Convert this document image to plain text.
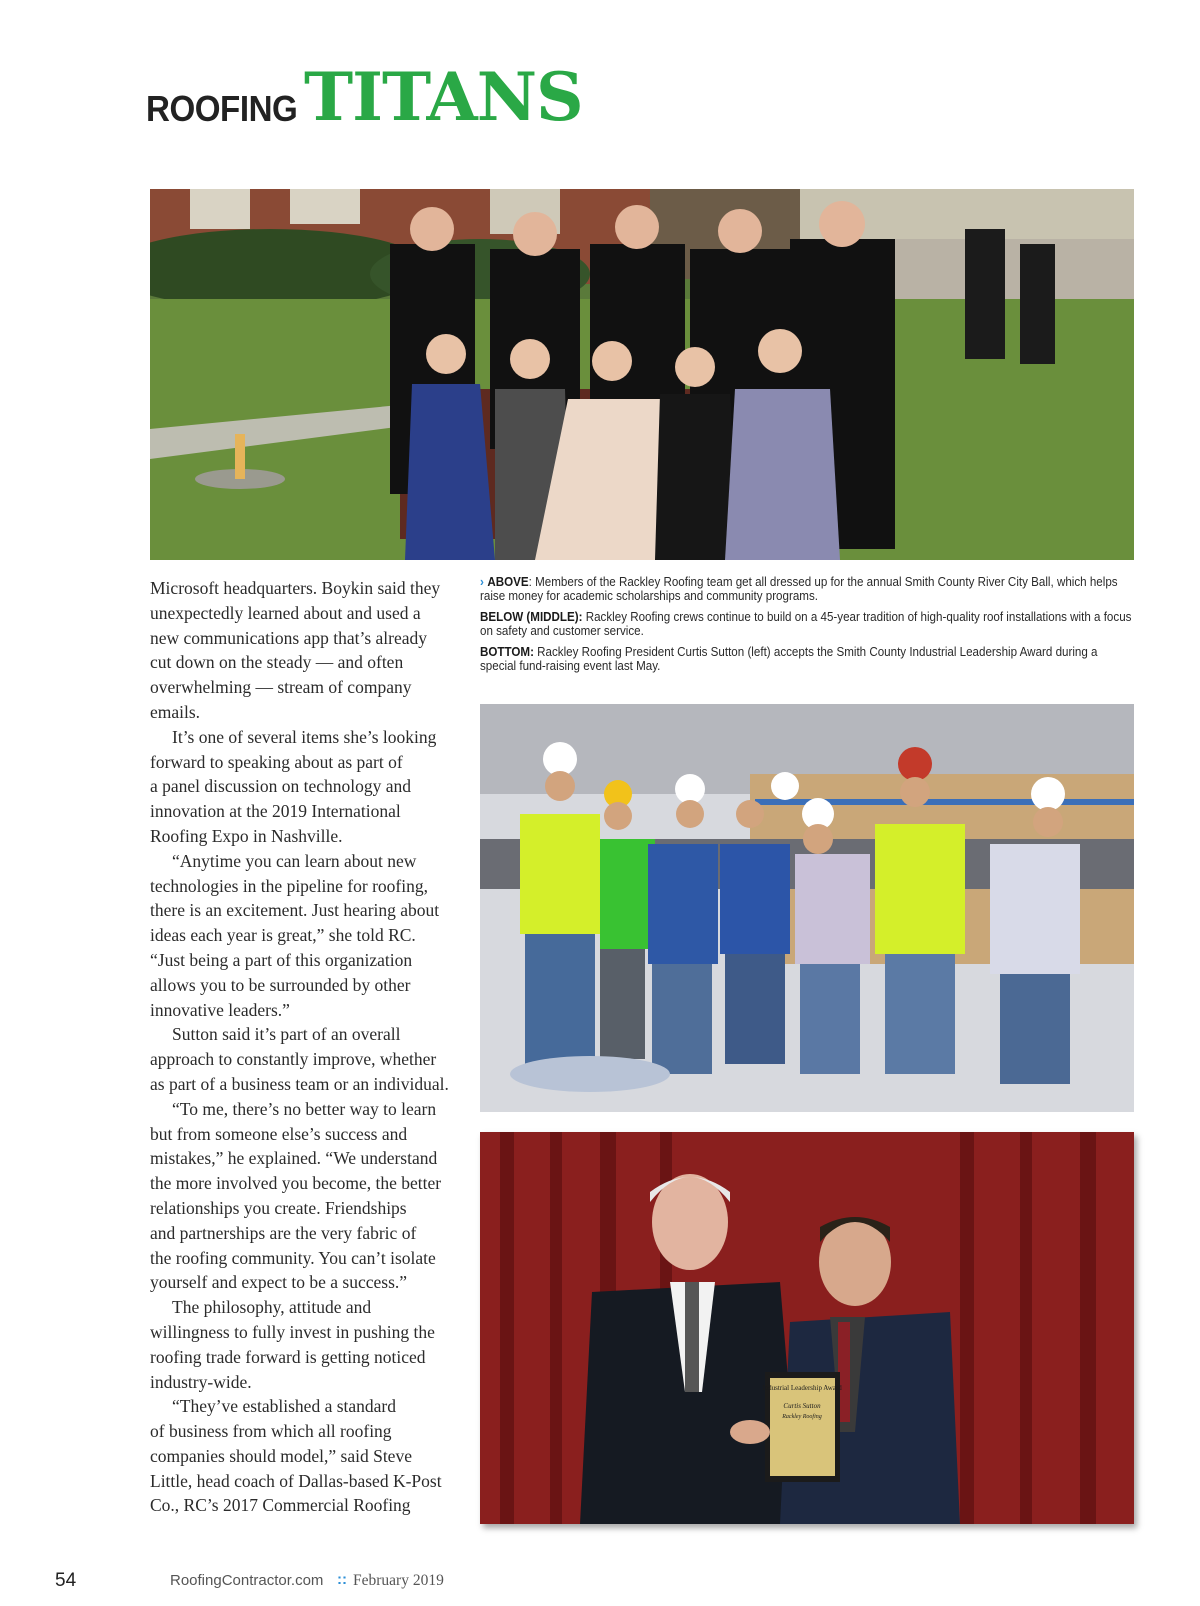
ROOFING TITANS

› ABOVE: Members of the Rackley Roofing team get all dressed up for the annual Smith County River City Ball, which helps raise money for academic scholarships and community programs.

BELOW (MIDDLE): Rackley Roofing crews continue to build on a 45-year tradition of high-quality roof installations with a focus on safety and customer service.

BOTTOM: Rackley Roofing President Curtis Sutton (left) accepts the Smith County Industrial Leadership Award during a special fund-raising event last May.

Industrial Leadership Award
Curtis Sutton
Rackley Roofing
Microsoft headquarters. Boykin said they
unexpectedly learned about and used a
new communications app that’s already
cut down on the steady — and often
overwhelming — stream of company
emails.
It’s one of several items she’s looking
forward to speaking about as part of
a panel discussion on technology and
innovation at the 2019 International
Roofing Expo in Nashville.
“Anytime you can learn about new
technologies in the pipeline for roofing,
there is an excitement. Just hearing about
ideas each year is great,” she told RC.
“Just being a part of this organization
allows you to be surrounded by other
innovative leaders.”
Sutton said it’s part of an overall
approach to constantly improve, whether
as part of a business team or an individual.
“To me, there’s no better way to learn
but from someone else’s success and
mistakes,” he explained. “We understand
the more involved you become, the better
relationships you create. Friendships
and partnerships are the very fabric of
the roofing community. You can’t isolate
yourself and expect to be a success.”
The philosophy, attitude and
willingness to fully invest in pushing the
roofing trade forward is getting noticed
industry-wide.
“They’ve established a standard
of business from which all roofing
companies should model,” said Steve
Little, head coach of Dallas-based K-Post
Co., RC’s 2017 Commercial Roofing
54	RoofingContractor.com :: February 2019
